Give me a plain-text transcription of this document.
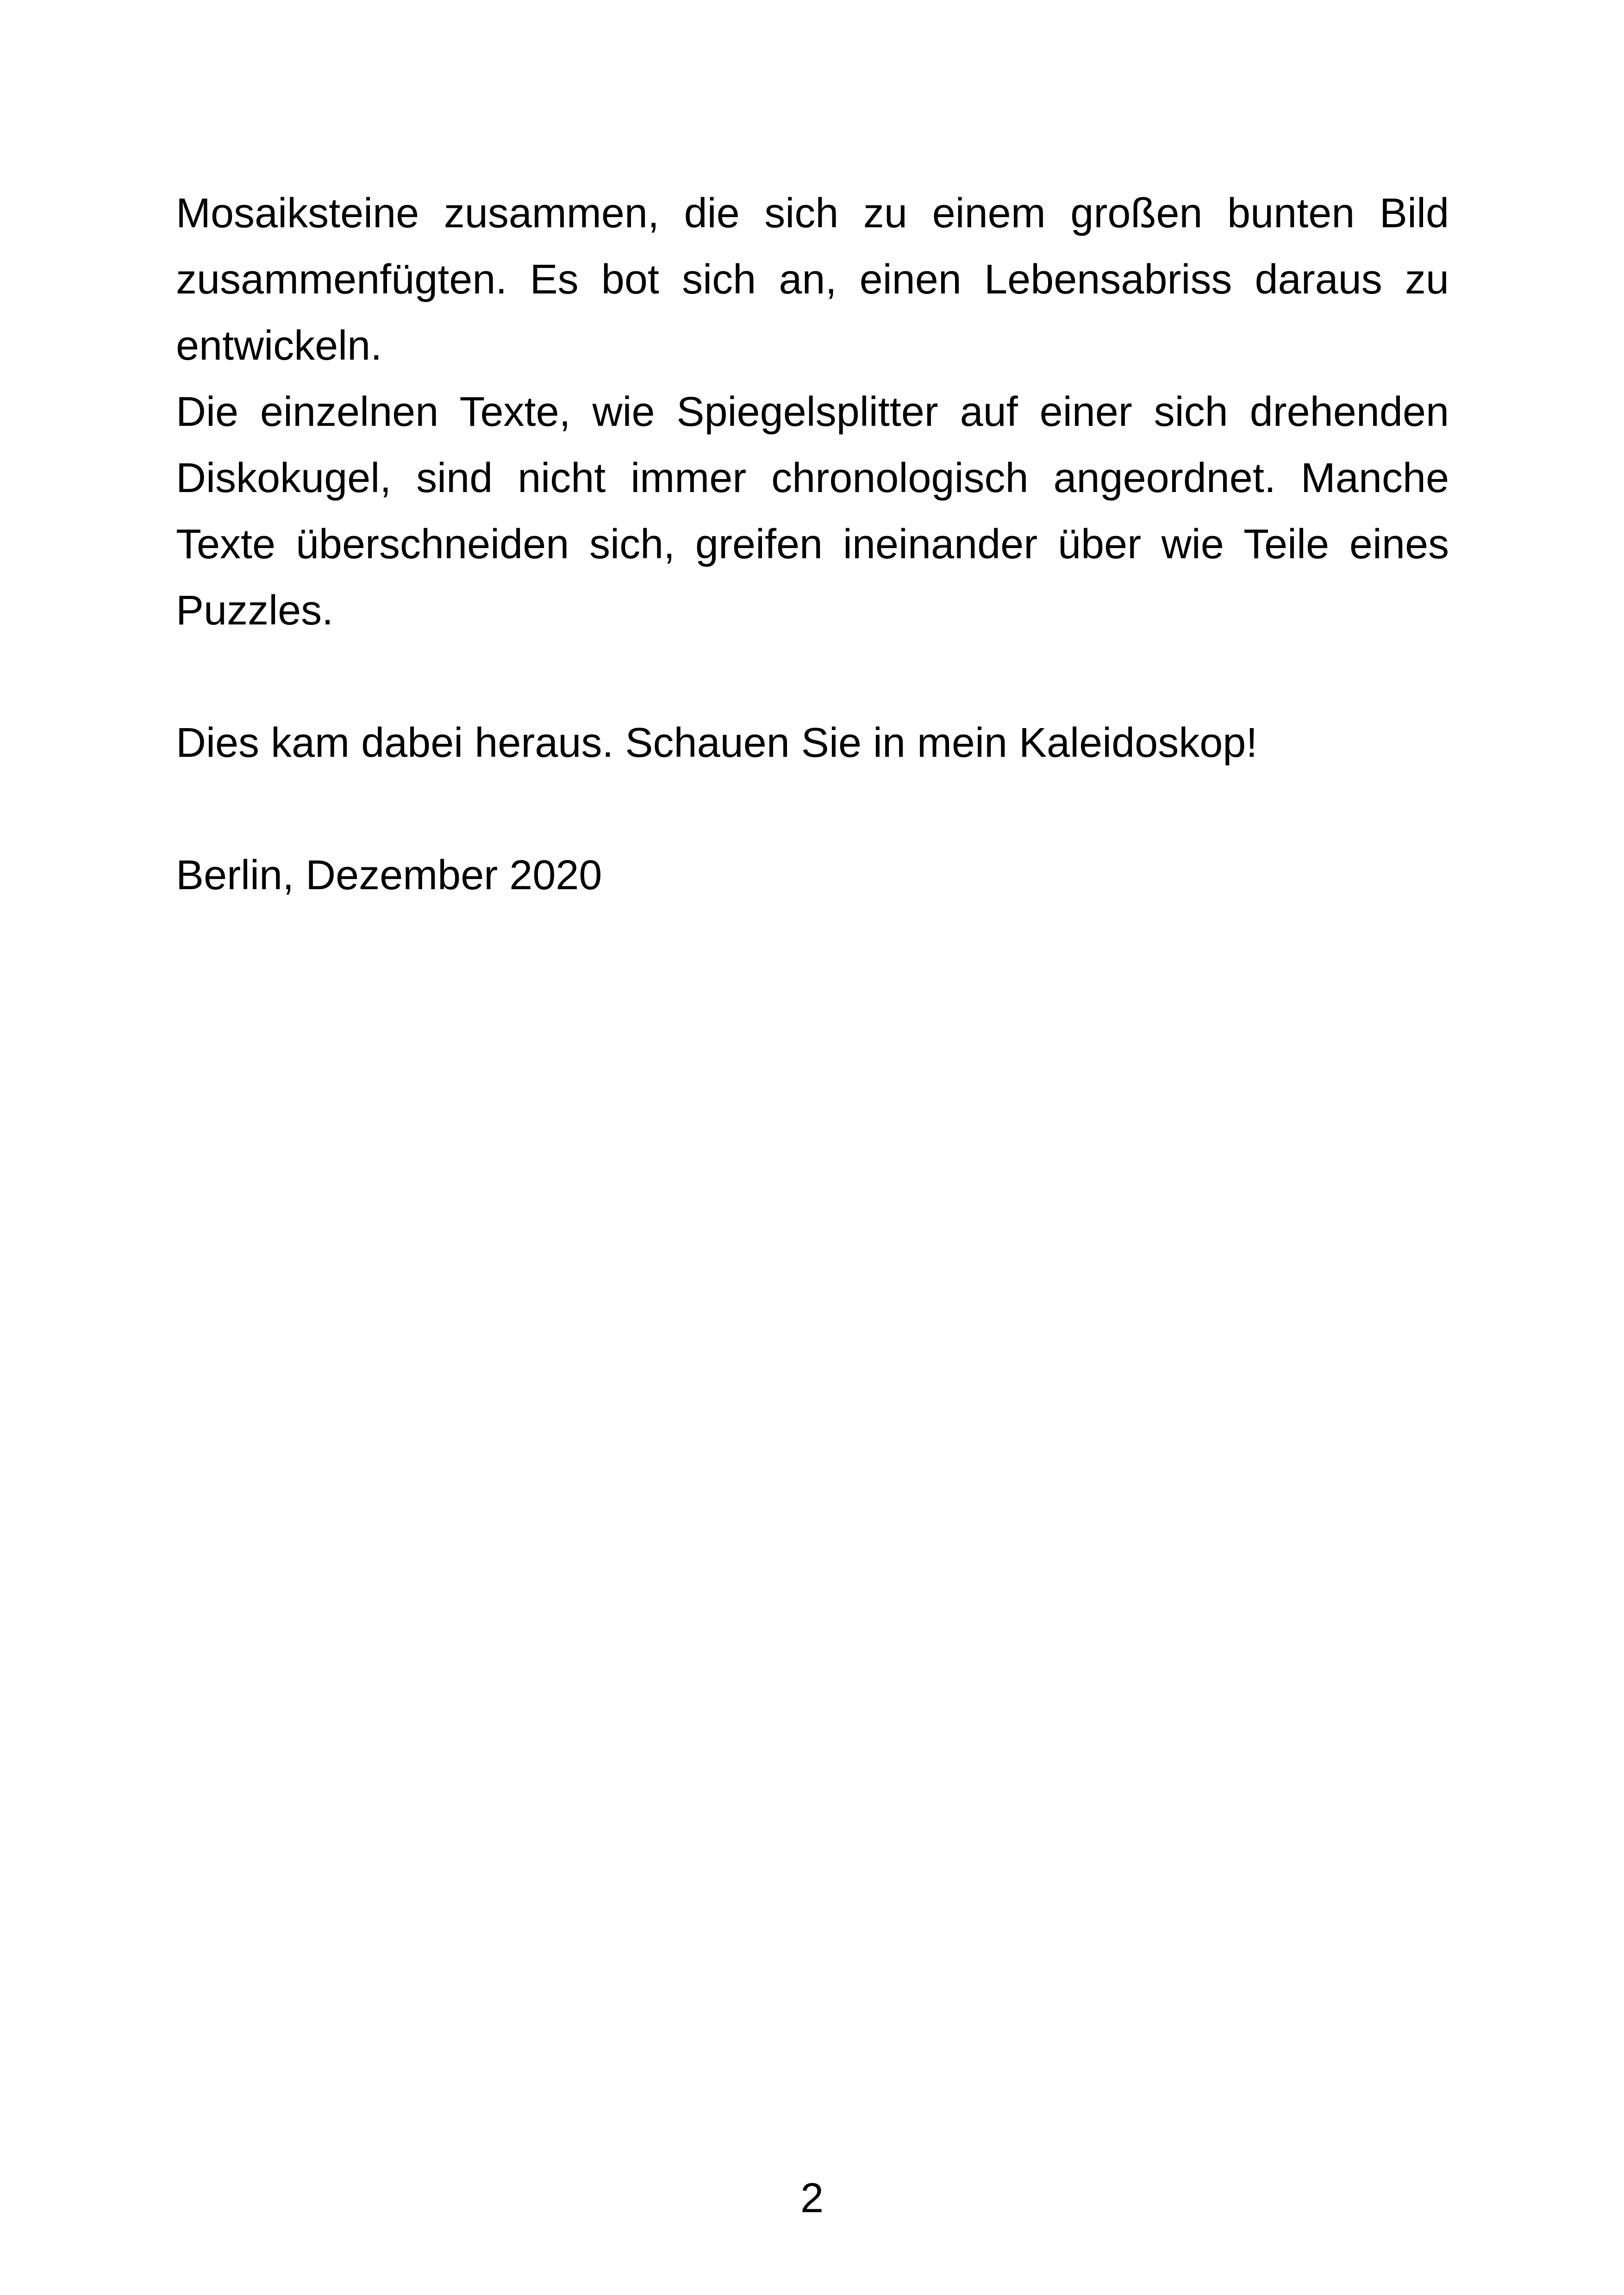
Mosaiksteine zusammen, die sich zu einem großen bunten Bild
zusammenfügten. Es bot sich an, einen Lebensabriss daraus zu
entwickeln.
Die einzelnen Texte, wie Spiegelsplitter auf einer sich drehenden
Diskokugel, sind nicht immer chronologisch angeordnet. Manche
Texte überschneiden sich, greifen ineinander über wie Teile eines
Puzzles.
Dies kam dabei heraus. Schauen Sie in mein Kaleidoskop!
Berlin, Dezember 2020
2
